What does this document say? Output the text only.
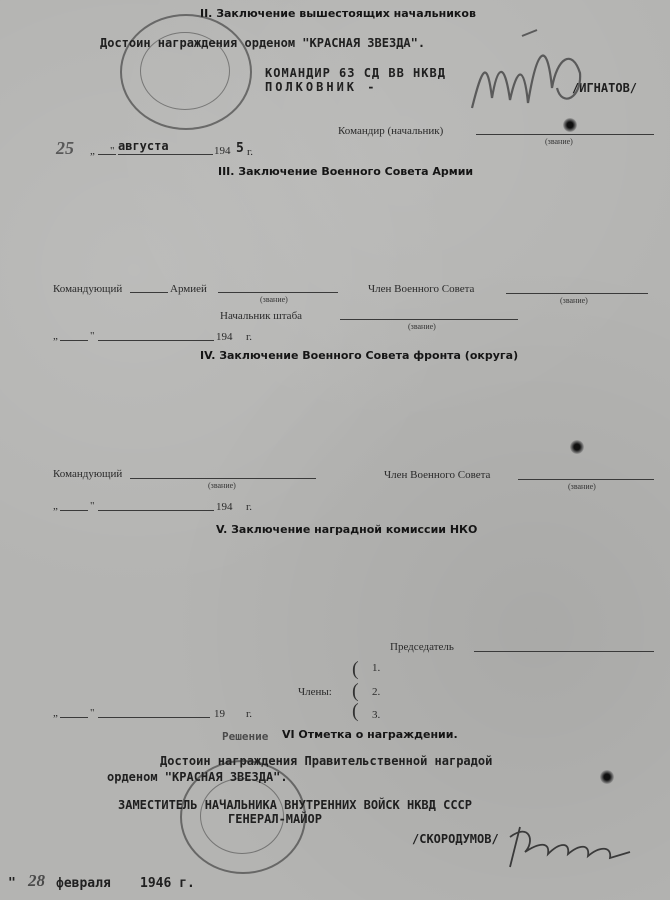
II. Заключение вышестоящих начальников
Достоин награждения орденом "КРАСНАЯ ЗВЕЗДА".
КОМАНДИР 63 СД ВВ НКВД
ПОЛКОВНИК -	/ИГНАТОВ/
Командир (начальник)
(звание)
25 „ " августа	194 5 г.
III. Заключение Военного Совета Армии
Командующий	Армией
(звание)
Член Военного Совета
(звание)
Начальник штаба
(звание)
„	"	194 г.
IV. Заключение Военного Совета фронта (округа)
Командующий
(звание)
Член Военного Совета
(звание)
„	"	194 г.
V. Заключение наградной комиссии НКО
Председатель
(
(
(
1.
2.
3.
Члены:
„	"	19 г.
Решение VI Отметка о награждении.
Достоин награждения Правительственной наградой
орденом "КРАСНАЯ ЗВЕЗДА".
ЗАМЕСТИТЕЛЬ НАЧАЛЬНИКА ВНУТРЕННИХ ВОЙСК НКВД СССР
ГЕНЕРАЛ-МАЙОР
/СКОРОДУМОВ/
" 28 февраля 1946 г.
